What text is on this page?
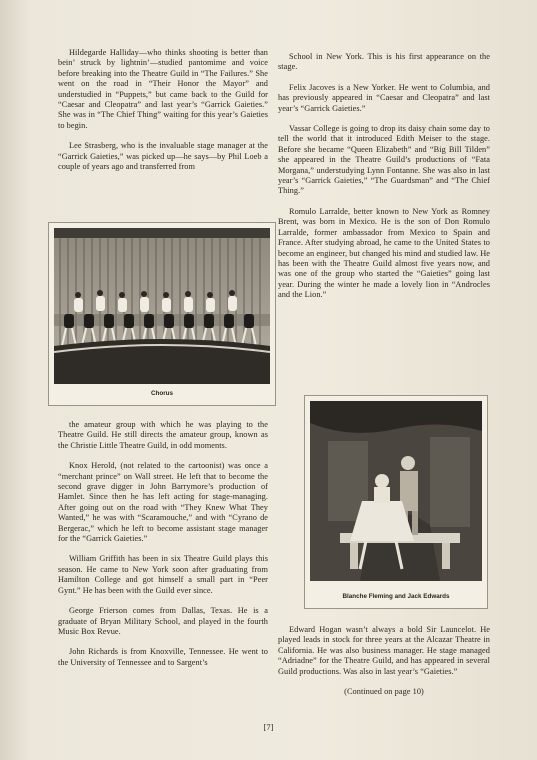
Hildegarde Halliday—who thinks shooting is better than bein’ struck by lightnin’—studied pantomime and voice before breaking into the Theatre Guild in “The Failures.” She went on the road in “Their Honor the Mayor” and understudied in “Puppets,” but came back to the Guild for “Caesar and Cleopatra” and last year’s “Garrick Gaieties.” She was in “The Chief Thing” waiting for this year’s Gaieties to begin.

Lee Strasberg, who is the invaluable stage manager at the “Garrick Gaieties,” was picked up—he says—by Phil Loeb a couple of years ago and transferred from

Chorus

the amateur group with which he was playing to the Theatre Guild. He still directs the amateur group, known as the Christie Little Theatre Guild, in odd moments.

Knox Herold, (not related to the cartoonist) was once a “merchant prince” on Wall street. He left that to become the second grave digger in John Barrymore’s production of Hamlet. Since then he has left acting for stage-managing. After going out on the road with “They Knew What They Wanted,” he was with “Scaramouche,” and with “Cyrano de Bergerac,” which he left to become assistant stage manager for the “Garrick Gaieties.”

William Griffith has been in six Theatre Guild plays this season. He came to New York soon after graduating from Hamilton College and got himself a small part in “Peer Gynt.” He has been with the Guild ever since.

George Frierson comes from Dallas, Texas. He is a graduate of Bryan Military School, and played in the fourth Music Box Revue.

John Richards is from Knoxville, Tennessee. He went to the University of Tennessee and to Sargent’s

School in New York. This is his first appearance on the stage.

Felix Jacoves is a New Yorker. He went to Columbia, and has previously appeared in “Caesar and Cleopatra” and last year’s “Garrick Gaieties.”

Vassar College is going to drop its daisy chain some day to tell the world that it introduced Edith Meiser to the stage. Before she became “Queen Elizabeth” and “Big Bill Tilden” she appeared in the Theatre Guild’s productions of “Fata Morgana,” understudying Lynn Fontanne. She was also in last year’s “Garrick Gaieties,” “The Guardsman” and “The Chief Thing.”

Romulo Larralde, better known to New York as Romney Brent, was born in Mexico. He is the son of Don Romulo Larralde, former ambassador from Mexico to Spain and France. After studying abroad, he came to the United States to become an engineer, but changed his mind and studied law. He has been with the Theatre Guild almost five years now, and was one of the group who started the “Gaieties” going last year. During the winter he made a lovely lion in “Androcles and the Lion.”

Blanche Fleming and Jack Edwards

Edward Hogan wasn’t always a bold Sir Launcelot. He played leads in stock for three years at the Alcazar Theatre in California. He was also business manager. He stage managed “Adriadne” for the Theatre Guild, and has appeared in several Guild productions. Was also in last year’s “Gaieties.”

(Continued on page 10)

[7]
